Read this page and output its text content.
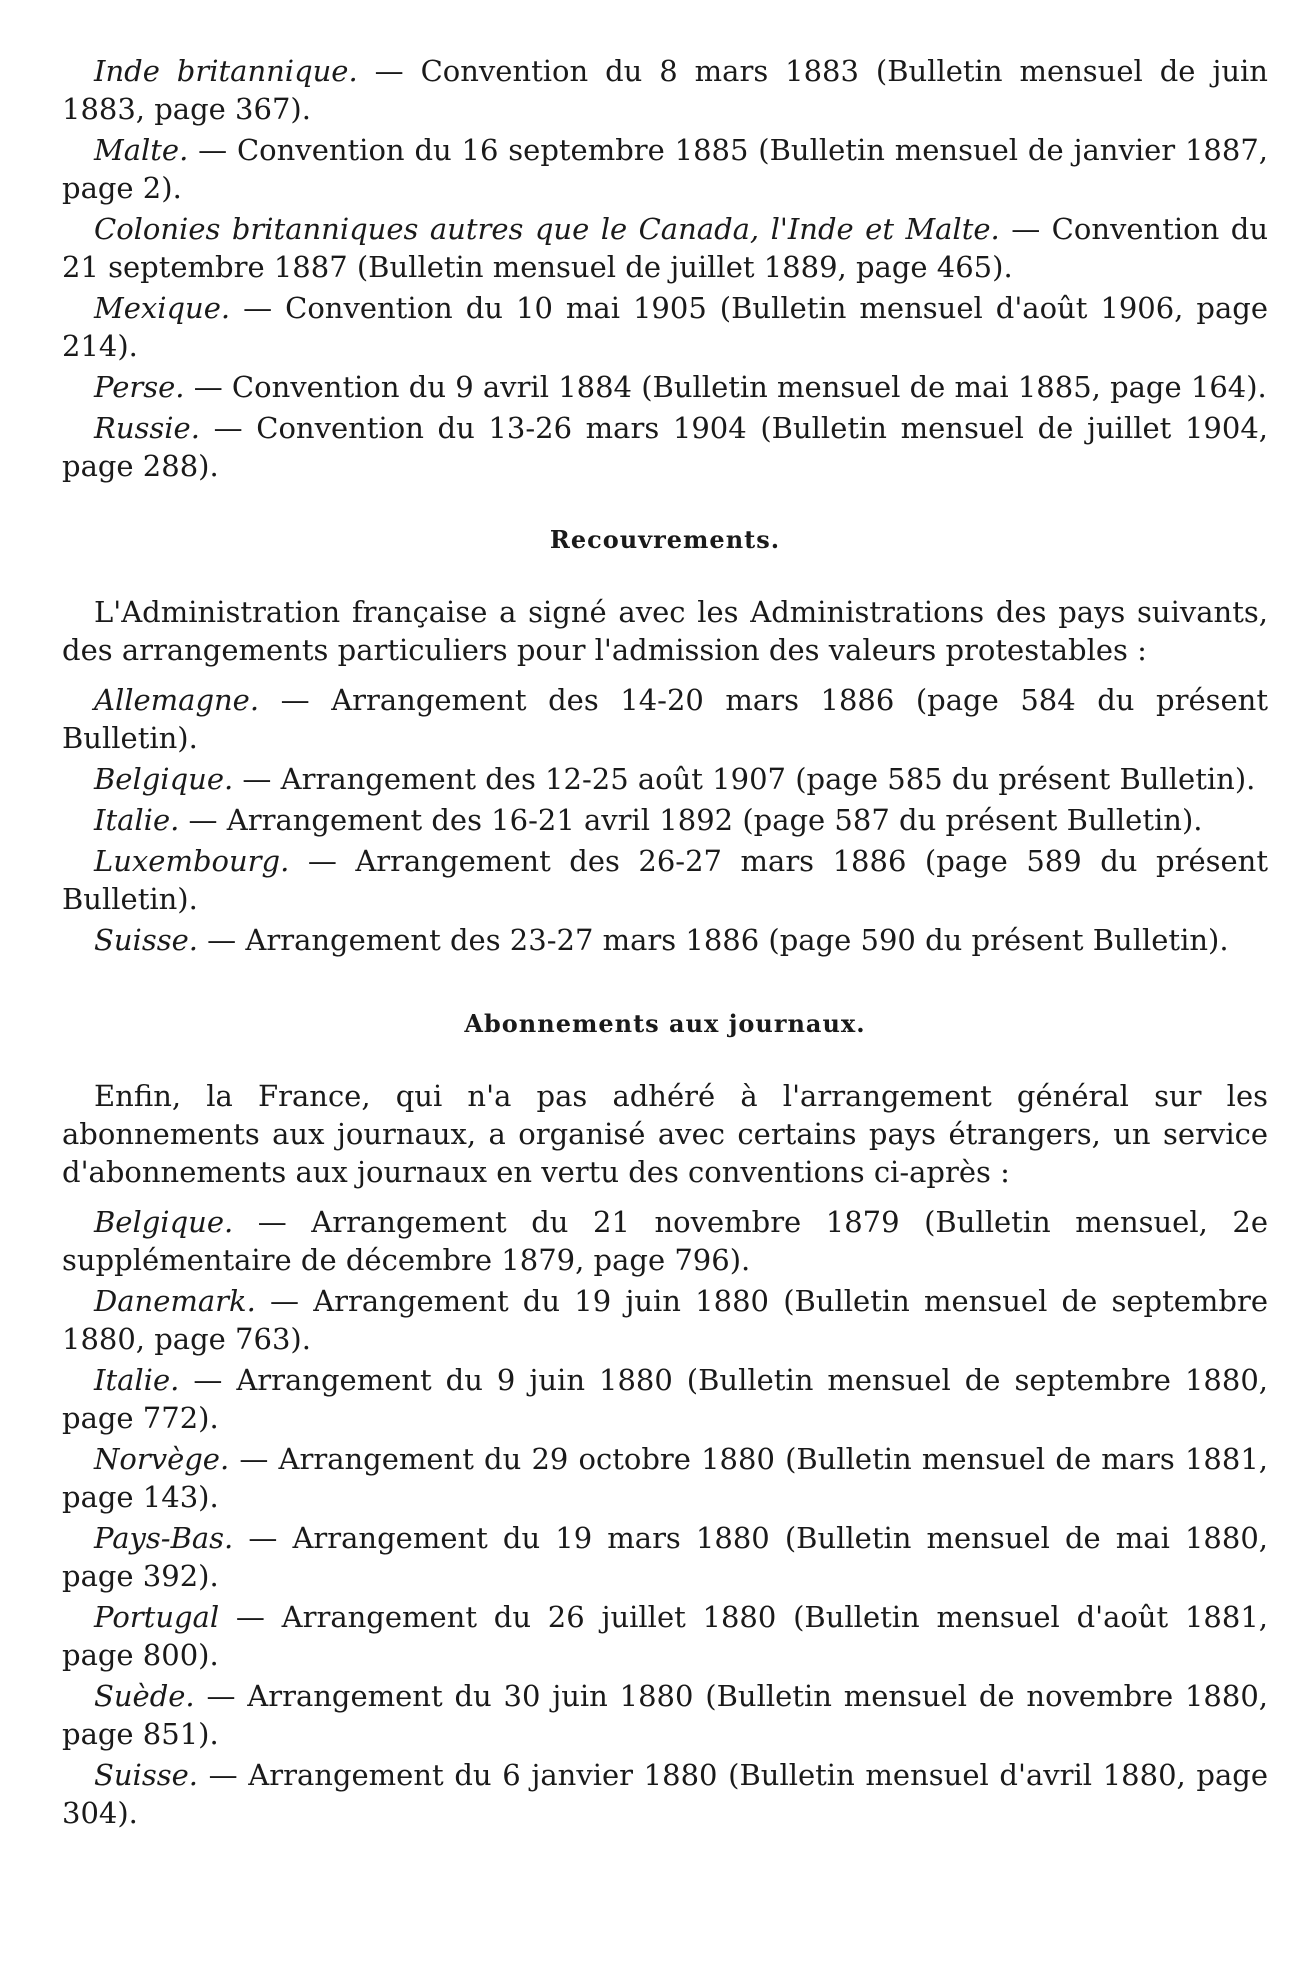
Inde britannique. — Convention du 8 mars 1883 (Bulletin mensuel de juin 1883, page 367).

Malte. — Convention du 16 septembre 1885 (Bulletin mensuel de janvier 1887, page 2).

Colonies britanniques autres que le Canada, l'Inde et Malte. — Convention du 21 septembre 1887 (Bulletin mensuel de juillet 1889, page 465).

Mexique. — Convention du 10 mai 1905 (Bulletin mensuel d'août 1906, page 214).

Perse. — Convention du 9 avril 1884 (Bulletin mensuel de mai 1885, page 164).

Russie. — Convention du 13-26 mars 1904 (Bulletin mensuel de juillet 1904, page 288).

Recouvrements.

L'Administration française a signé avec les Administrations des pays suivants, des arrangements particuliers pour l'admission des valeurs protestables :

Allemagne. — Arrangement des 14-20 mars 1886 (page 584 du présent Bulletin).

Belgique. — Arrangement des 12-25 août 1907 (page 585 du présent Bulletin).

Italie. — Arrangement des 16-21 avril 1892 (page 587 du présent Bulletin).

Luxembourg. — Arrangement des 26-27 mars 1886 (page 589 du présent Bulletin).

Suisse. — Arrangement des 23-27 mars 1886 (page 590 du présent Bulletin).

Abonnements aux journaux.

Enfin, la France, qui n'a pas adhéré à l'arrangement général sur les abonnements aux journaux, a organisé avec certains pays étrangers, un service d'abonnements aux journaux en vertu des conventions ci-après :

Belgique. — Arrangement du 21 novembre 1879 (Bulletin mensuel, 2e supplémentaire de décembre 1879, page 796).

Danemark. — Arrangement du 19 juin 1880 (Bulletin mensuel de septembre 1880, page 763).

Italie. — Arrangement du 9 juin 1880 (Bulletin mensuel de septembre 1880, page 772).

Norvège. — Arrangement du 29 octobre 1880 (Bulletin mensuel de mars 1881, page 143).

Pays-Bas. — Arrangement du 19 mars 1880 (Bulletin mensuel de mai 1880, page 392).

Portugal — Arrangement du 26 juillet 1880 (Bulletin mensuel d'août 1881, page 800).

Suède. — Arrangement du 30 juin 1880 (Bulletin mensuel de novembre 1880, page 851).

Suisse. — Arrangement du 6 janvier 1880 (Bulletin mensuel d'avril 1880, page 304).
